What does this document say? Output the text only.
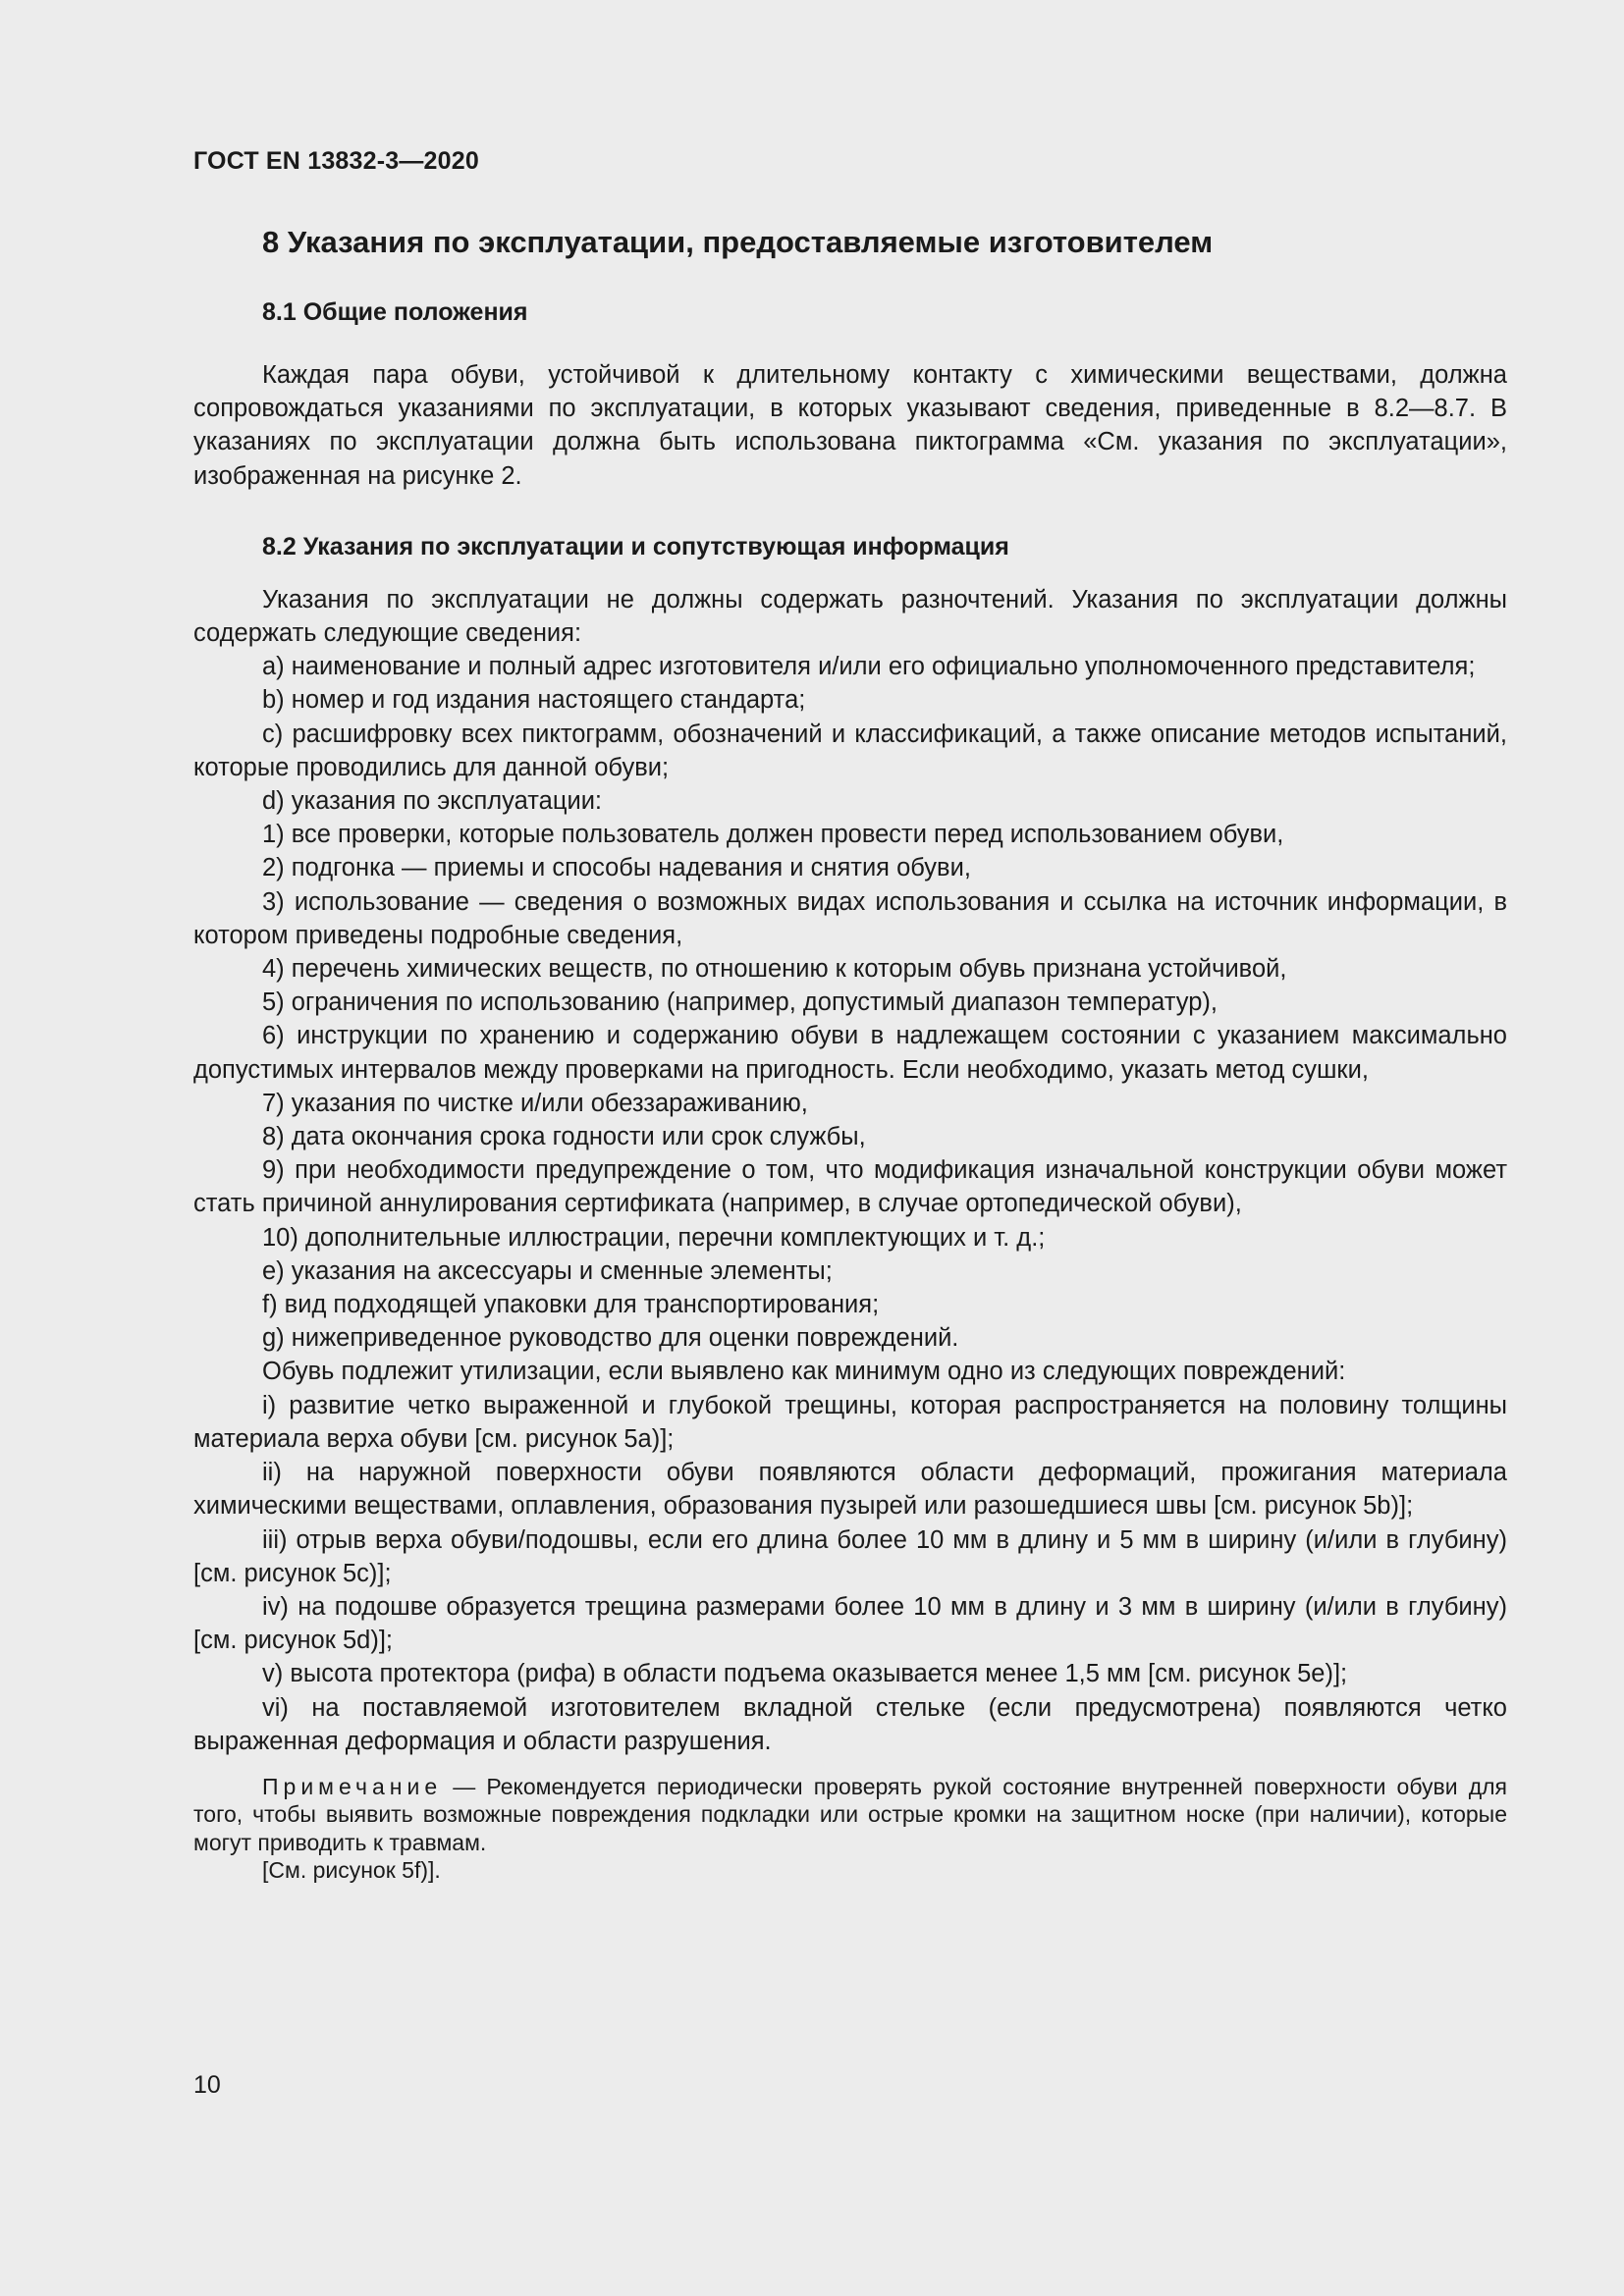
ГОСТ EN 13832-3—2020
8 Указания по эксплуатации, предоставляемые изготовителем
8.1 Общие положения

Каждая пара обуви, устойчивой к длительному контакту с химическими веществами, должна сопровождаться указаниями по эксплуатации, в которых указывают сведения, приведенные в 8.2—8.7. В указаниях по эксплуатации должна быть использована пиктограмма «См. указания по эксплуатации», изображенная на рисунке 2.

8.2 Указания по эксплуатации и сопутствующая информация

Указания по эксплуатации не должны содержать разночтений. Указания по эксплуатации должны содержать следующие сведения:

a) наименование и полный адрес изготовителя и/или его официально уполномоченного представителя;

b) номер и год издания настоящего стандарта;

c) расшифровку всех пиктограмм, обозначений и классификаций, а также описание методов испытаний, которые проводились для данной обуви;

d) указания по эксплуатации:

1) все проверки, которые пользователь должен провести перед использованием обуви,

2) подгонка — приемы и способы надевания и снятия обуви,

3) использование — сведения о возможных видах использования и ссылка на источник информации, в котором приведены подробные сведения,

4) перечень химических веществ, по отношению к которым обувь признана устойчивой,

5) ограничения по использованию (например, допустимый диапазон температур),

6) инструкции по хранению и содержанию обуви в надлежащем состоянии с указанием максимально допустимых интервалов между проверками на пригодность. Если необходимо, указать метод сушки,

7) указания по чистке и/или обеззараживанию,

8) дата окончания срока годности или срок службы,

9) при необходимости предупреждение о том, что модификация изначальной конструкции обуви может стать причиной аннулирования сертификата (например, в случае ортопедической обуви),

10) дополнительные иллюстрации, перечни комплектующих и т. д.;

e) указания на аксессуары и сменные элементы;

f) вид подходящей упаковки для транспортирования;

g) нижеприведенное руководство для оценки повреждений.

Обувь подлежит утилизации, если выявлено как минимум одно из следующих повреждений:

i) развитие четко выраженной и глубокой трещины, которая распространяется на половину толщины материала верха обуви [см. рисунок 5a)];

ii) на наружной поверхности обуви появляются области деформаций, прожигания материала химическими веществами, оплавления, образования пузырей или разошедшиеся швы [см. рисунок 5b)];

iii) отрыв верха обуви/подошвы, если его длина более 10 мм в длину и 5 мм в ширину (и/или в глубину) [см. рисунок 5c)];

iv) на подошве образуется трещина размерами более 10 мм в длину и 3 мм в ширину (и/или в глубину) [см. рисунок 5d)];

v) высота протектора (рифа) в области подъема оказывается менее 1,5 мм [см. рисунок 5e)];

vi) на поставляемой изготовителем вкладной стельке (если предусмотрена) появляются четко выраженная деформация и области разрушения.

Примечание — Рекомендуется периодически проверять рукой состояние внутренней поверхности обуви для того, чтобы выявить возможные повреждения подкладки или острые кромки на защитном носке (при наличии), которые могут приводить к травмам.

[См. рисунок 5f)].

10
